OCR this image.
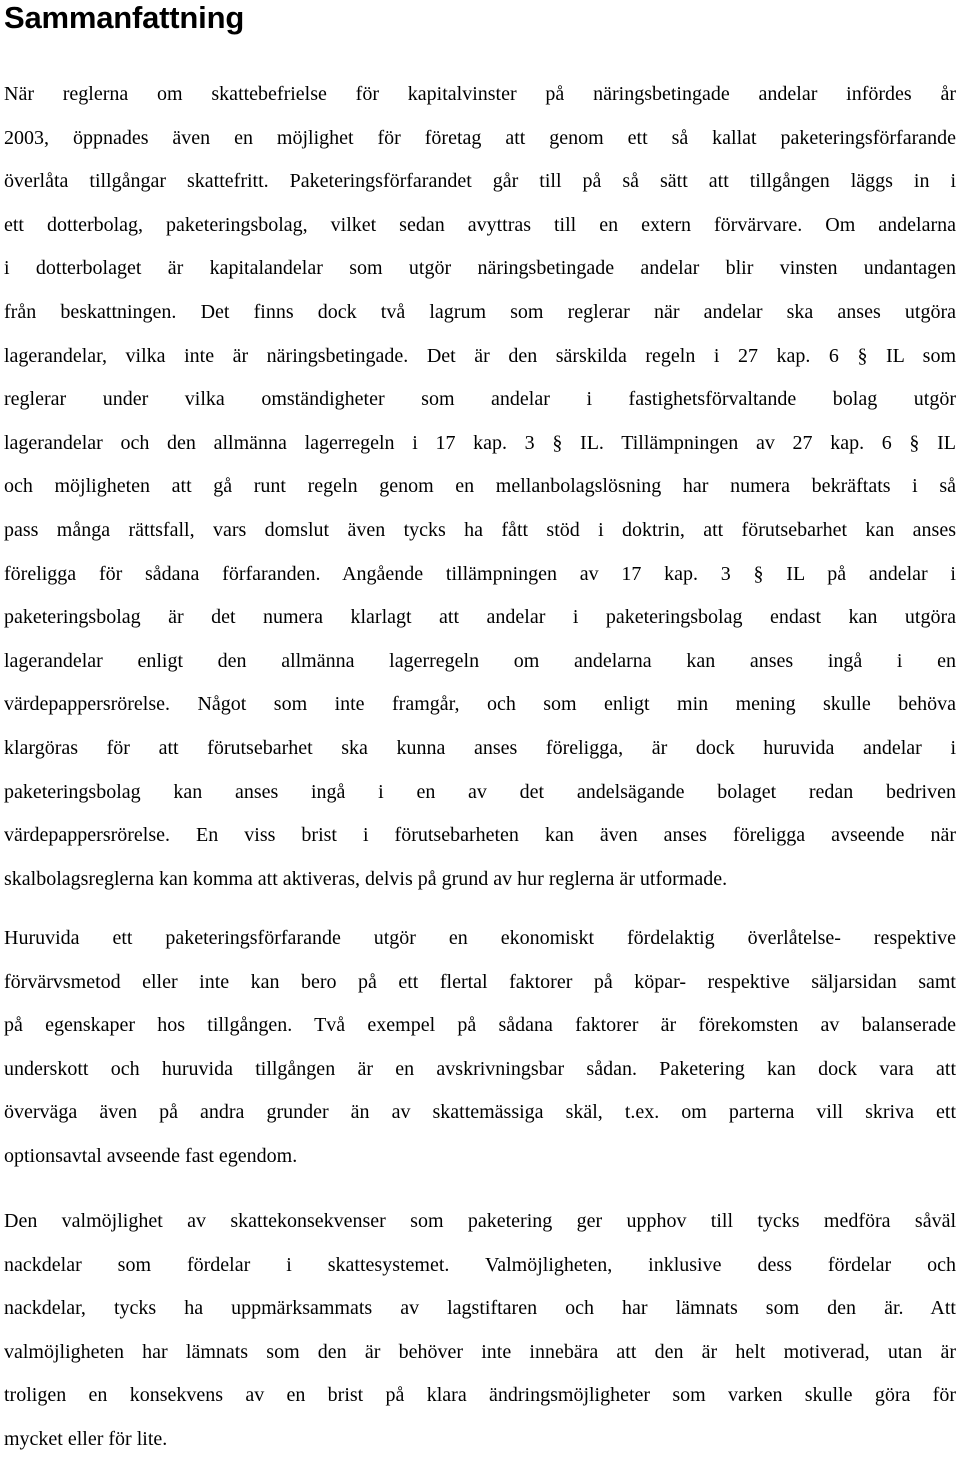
Sammanfattning
När reglerna om skattebefrielse för kapitalvinster på näringsbetingade andelar infördes år
2003, öppnades även en möjlighet för företag att genom ett så kallat paketeringsförfarande
överlåta tillgångar skattefritt. Paketeringsförfarandet går till på så sätt att tillgången läggs in i
ett dotterbolag, paketeringsbolag, vilket sedan avyttras till en extern förvärvare. Om andelarna
i dotterbolaget är kapitalandelar som utgör näringsbetingade andelar blir vinsten undantagen
från beskattningen. Det finns dock två lagrum som reglerar när andelar ska anses utgöra
lagerandelar, vilka inte är näringsbetingade. Det är den särskilda regeln i 27 kap. 6 § IL som
reglerar under vilka omständigheter som andelar i fastighetsförvaltande bolag utgör
lagerandelar och den allmänna lagerregeln i 17 kap. 3 § IL. Tillämpningen av 27 kap. 6 § IL
och möjligheten att gå runt regeln genom en mellanbolagslösning har numera bekräftats i så
pass många rättsfall, vars domslut även tycks ha fått stöd i doktrin, att förutsebarhet kan anses
föreligga för sådana förfaranden. Angående tillämpningen av 17 kap. 3 § IL på andelar i
paketeringsbolag är det numera klarlagt att andelar i paketeringsbolag endast kan utgöra
lagerandelar enligt den allmänna lagerregeln om andelarna kan anses ingå i en
värdepappersrörelse. Något som inte framgår, och som enligt min mening skulle behöva
klargöras för att förutsebarhet ska kunna anses föreligga, är dock huruvida andelar i
paketeringsbolag kan anses ingå i en av det andelsägande bolaget redan bedriven
värdepappersrörelse. En viss brist i förutsebarheten kan även anses föreligga avseende när
skalbolagsreglerna kan komma att aktiveras, delvis på grund av hur reglerna är utformade.
Huruvida ett paketeringsförfarande utgör en ekonomiskt fördelaktig överlåtelse- respektive
förvärvsmetod eller inte kan bero på ett flertal faktorer på köpar- respektive säljarsidan samt
på egenskaper hos tillgången. Två exempel på sådana faktorer är förekomsten av balanserade
underskott och huruvida tillgången är en avskrivningsbar sådan. Paketering kan dock vara att
överväga även på andra grunder än av skattemässiga skäl, t.ex. om parterna vill skriva ett
optionsavtal avseende fast egendom.
Den valmöjlighet av skattekonsekvenser som paketering ger upphov till tycks medföra såväl
nackdelar som fördelar i skattesystemet. Valmöjligheten, inklusive dess fördelar och
nackdelar, tycks ha uppmärksammats av lagstiftaren och har lämnats som den är. Att
valmöjligheten har lämnats som den är behöver inte innebära att den är helt motiverad, utan är
troligen en konsekvens av en brist på klara ändringsmöjligheter som varken skulle göra för
mycket eller för lite.
